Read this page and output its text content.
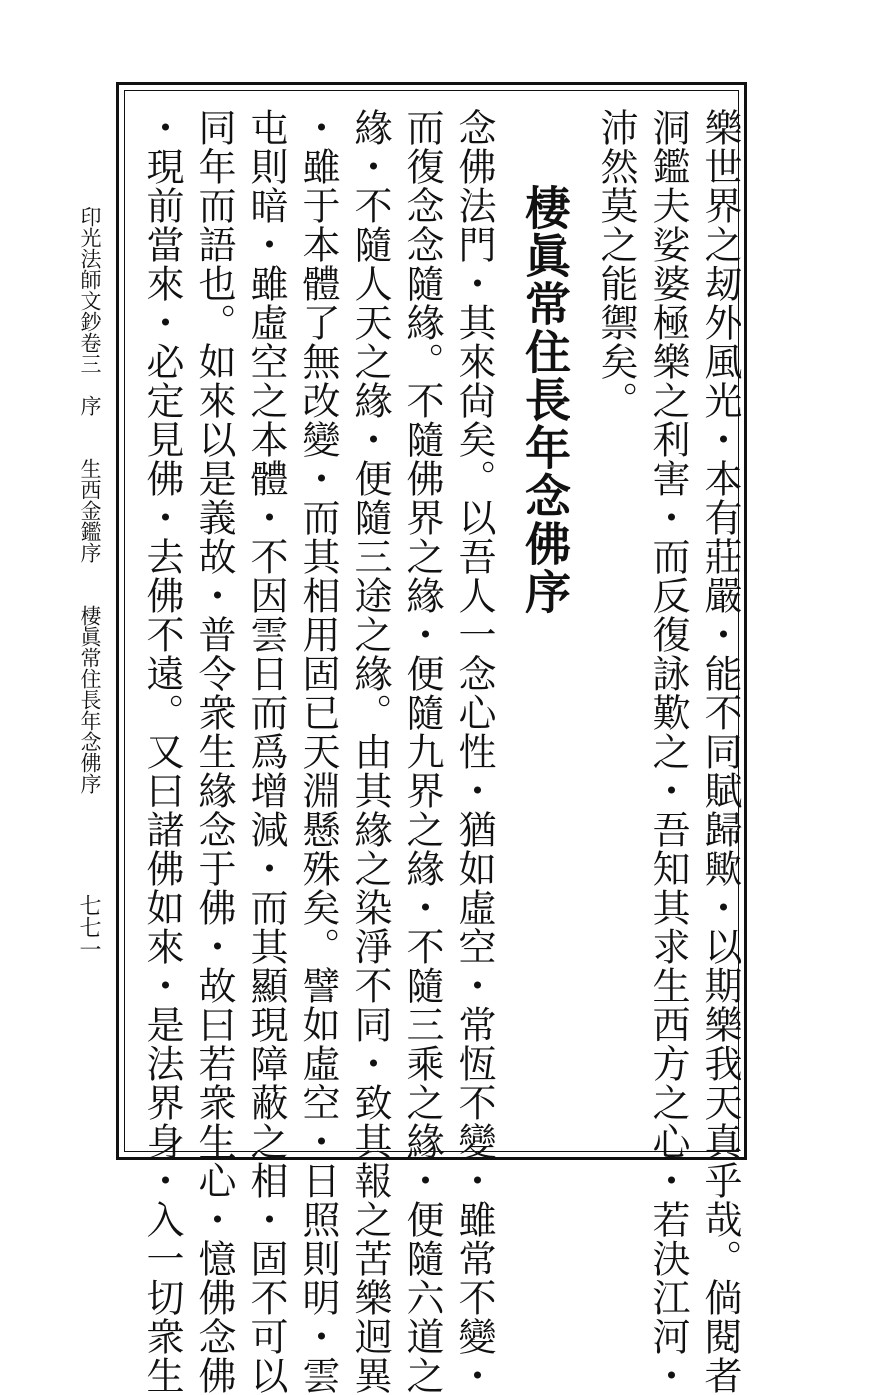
印光法師文鈔卷三　序　　生西金鑑序　　棲眞常住長年念佛序
七七一	樂世界之刼外風光・本有莊嚴・能不同賦歸歟・以期樂我天真乎哉。倘閱者
洞鑑夫娑婆極樂之利害・而反復詠歎之・吾知其求生西方之心・若決江河・
沛然莫之能禦矣。
棲眞常住長年念佛序
念佛法門・其來尙矣。以吾人一念心性・猶如虛空・常恆不變・雖常不變・
而復念念隨緣。不隨佛界之緣・便隨九界之緣・不隨三乘之緣・便隨六道之
緣・不隨人天之緣・便隨三途之緣。由其緣之染淨不同・致其報之苦樂迥異
・雖于本體了無改變・而其相用固已天淵懸殊矣。譬如虛空・日照則明・雲
屯則暗・雖虛空之本體・不因雲日而爲增減・而其顯現障蔽之相・固不可以
同年而語也。如來以是義故・普令衆生緣念于佛・故曰若衆生心・憶佛念佛
・現前當來・必定見佛・去佛不遠。又曰諸佛如來・是法界身・入一切衆生
